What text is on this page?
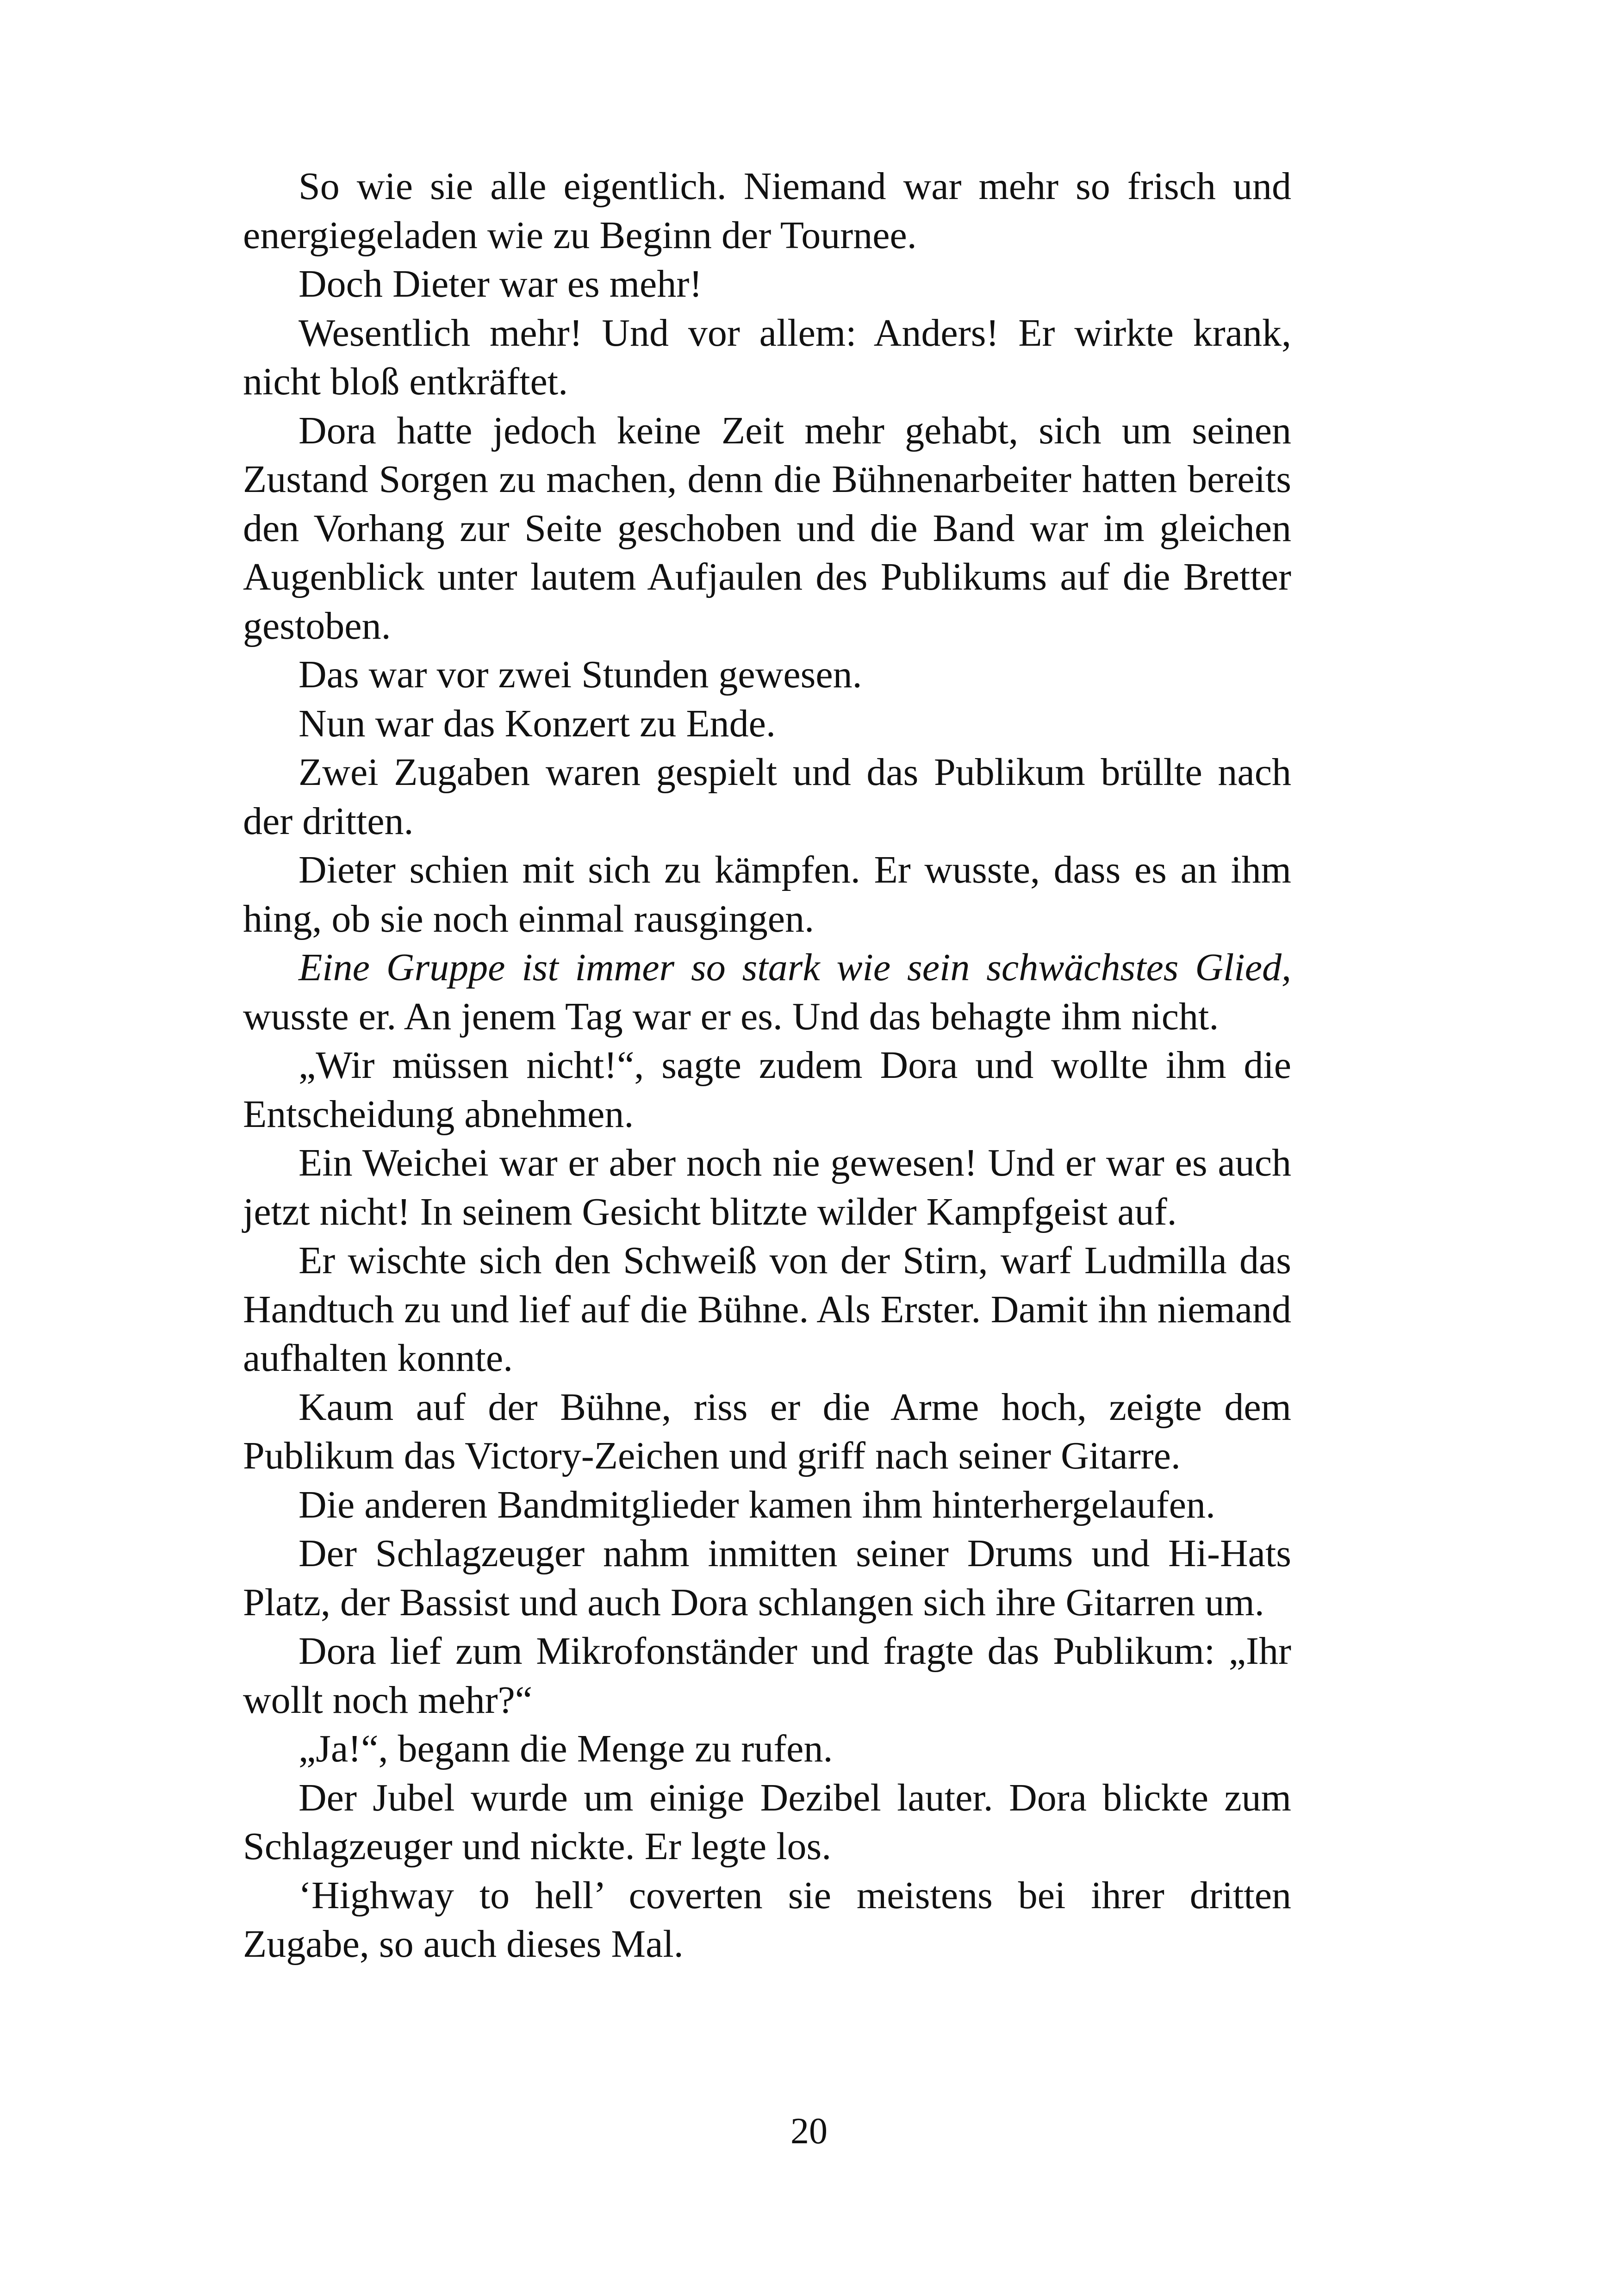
So wie sie alle eigentlich. Niemand war mehr so frisch und energiegeladen wie zu Beginn der Tournee.

Doch Dieter war es mehr!

Wesentlich mehr! Und vor allem: Anders! Er wirkte krank, nicht bloß entkräftet.

Dora hatte jedoch keine Zeit mehr gehabt, sich um seinen Zustand Sorgen zu machen, denn die Bühnenarbeiter hatten bereits den Vorhang zur Seite geschoben und die Band war im gleichen Augenblick unter lautem Aufjaulen des Publikums auf die Bretter gestoben.

Das war vor zwei Stunden gewesen.

Nun war das Konzert zu Ende.

Zwei Zugaben waren gespielt und das Publikum brüllte nach der dritten.

Dieter schien mit sich zu kämpfen. Er wusste, dass es an ihm hing, ob sie noch einmal rausgingen.

Eine Gruppe ist immer so stark wie sein schwächstes Glied, wusste er. An jenem Tag war er es. Und das behagte ihm nicht.

„Wir müssen nicht!“, sagte zudem Dora und wollte ihm die Entscheidung abnehmen.

Ein Weichei war er aber noch nie gewesen! Und er war es auch jetzt nicht! In seinem Gesicht blitzte wilder Kampfgeist auf.

Er wischte sich den Schweiß von der Stirn, warf Ludmilla das Handtuch zu und lief auf die Bühne. Als Erster. Damit ihn niemand aufhalten konnte.

Kaum auf der Bühne, riss er die Arme hoch, zeigte dem Publikum das Victory-Zeichen und griff nach seiner Gitarre.

Die anderen Bandmitglieder kamen ihm hinterhergelaufen.

Der Schlagzeuger nahm inmitten seiner Drums und Hi-Hats Platz, der Bassist und auch Dora schlangen sich ihre Gitarren um.

Dora lief zum Mikrofonständer und fragte das Publikum: „Ihr wollt noch mehr?“

„Ja!“, begann die Menge zu rufen.

Der Jubel wurde um einige Dezibel lauter. Dora blickte zum Schlagzeuger und nickte. Er legte los.

‘Highway to hell’ coverten sie meistens bei ihrer dritten Zugabe, so auch dieses Mal.

20
